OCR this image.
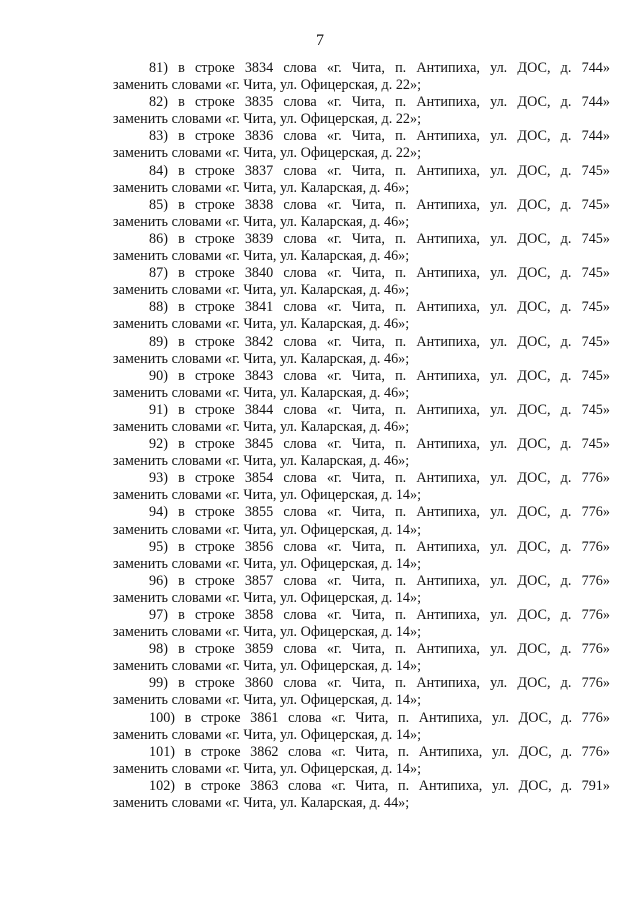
7
81) в строке 3834 слова «г. Чита, п. Антипиха, ул. ДОС, д. 744»
заменить словами «г. Чита, ул. Офицерская, д. 22»;
82) в строке 3835 слова «г. Чита, п. Антипиха, ул. ДОС, д. 744»
заменить словами «г. Чита, ул. Офицерская, д. 22»;
83) в строке 3836 слова «г. Чита, п. Антипиха, ул. ДОС, д. 744»
заменить словами «г. Чита, ул. Офицерская, д. 22»;
84) в строке 3837 слова «г. Чита, п. Антипиха, ул. ДОС, д. 745»
заменить словами «г. Чита, ул. Каларская, д. 46»;
85) в строке 3838 слова «г. Чита, п. Антипиха, ул. ДОС, д. 745»
заменить словами «г. Чита, ул. Каларская, д. 46»;
86) в строке 3839 слова «г. Чита, п. Антипиха, ул. ДОС, д. 745»
заменить словами «г. Чита, ул. Каларская, д. 46»;
87) в строке 3840 слова «г. Чита, п. Антипиха, ул. ДОС, д. 745»
заменить словами «г. Чита, ул. Каларская, д. 46»;
88) в строке 3841 слова «г. Чита, п. Антипиха, ул. ДОС, д. 745»
заменить словами «г. Чита, ул. Каларская, д. 46»;
89) в строке 3842 слова «г. Чита, п. Антипиха, ул. ДОС, д. 745»
заменить словами «г. Чита, ул. Каларская, д. 46»;
90) в строке 3843 слова «г. Чита, п. Антипиха, ул. ДОС, д. 745»
заменить словами «г. Чита, ул. Каларская, д. 46»;
91) в строке 3844 слова «г. Чита, п. Антипиха, ул. ДОС, д. 745»
заменить словами «г. Чита, ул. Каларская, д. 46»;
92) в строке 3845 слова «г. Чита, п. Антипиха, ул. ДОС, д. 745»
заменить словами «г. Чита, ул. Каларская, д. 46»;
93) в строке 3854 слова «г. Чита, п. Антипиха, ул. ДОС, д. 776»
заменить словами «г. Чита, ул. Офицерская, д. 14»;
94) в строке 3855 слова «г. Чита, п. Антипиха, ул. ДОС, д. 776»
заменить словами «г. Чита, ул. Офицерская, д. 14»;
95) в строке 3856 слова «г. Чита, п. Антипиха, ул. ДОС, д. 776»
заменить словами «г. Чита, ул. Офицерская, д. 14»;
96) в строке 3857 слова «г. Чита, п. Антипиха, ул. ДОС, д. 776»
заменить словами «г. Чита, ул. Офицерская, д. 14»;
97) в строке 3858 слова «г. Чита, п. Антипиха, ул. ДОС, д. 776»
заменить словами «г. Чита, ул. Офицерская, д. 14»;
98) в строке 3859 слова «г. Чита, п. Антипиха, ул. ДОС, д. 776»
заменить словами «г. Чита, ул. Офицерская, д. 14»;
99) в строке 3860 слова «г. Чита, п. Антипиха, ул. ДОС, д. 776»
заменить словами «г. Чита, ул. Офицерская, д. 14»;
100) в строке 3861 слова «г. Чита, п. Антипиха, ул. ДОС, д. 776»
заменить словами «г. Чита, ул. Офицерская, д. 14»;
101) в строке 3862 слова «г. Чита, п. Антипиха, ул. ДОС, д. 776»
заменить словами «г. Чита, ул. Офицерская, д. 14»;
102) в строке 3863 слова «г. Чита, п. Антипиха, ул. ДОС, д. 791»
заменить словами «г. Чита, ул. Каларская, д. 44»;
